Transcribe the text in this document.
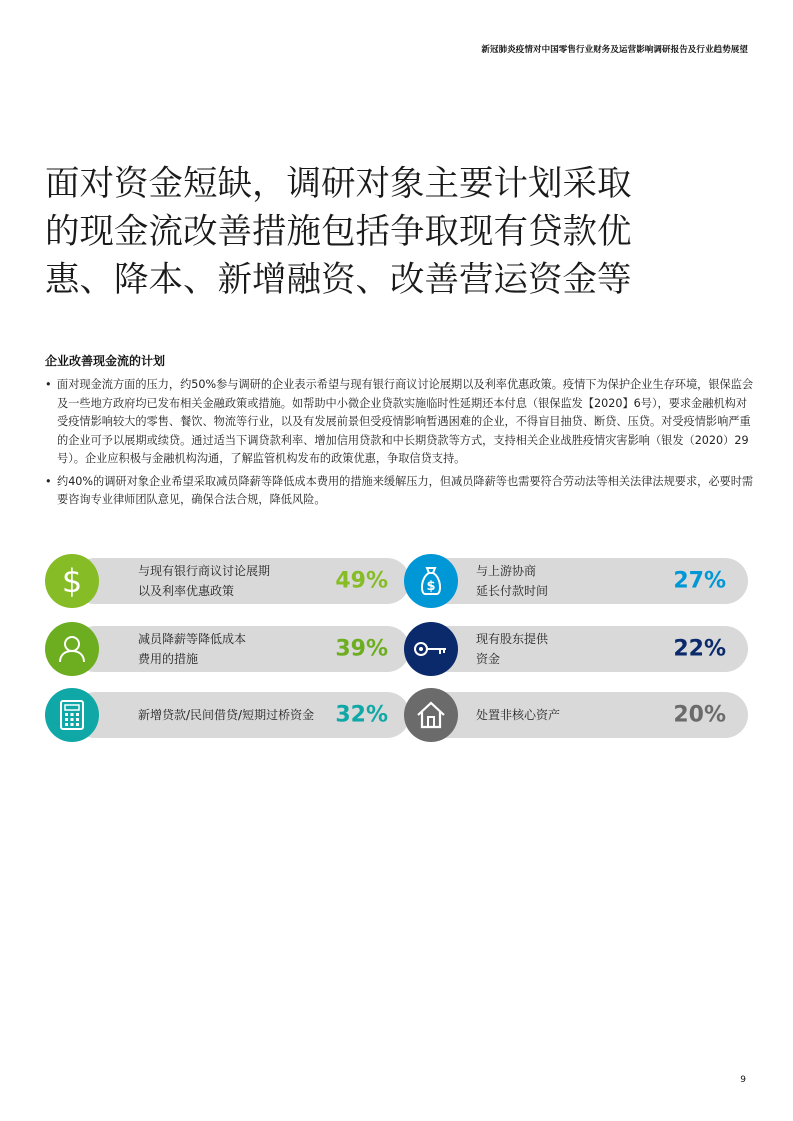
新冠肺炎疫情对中国零售行业财务及运营影响调研报告及行业趋势展望
面对资金短缺，调研对象主要计划采取
的现金流改善措施包括争取现有贷款优
惠、降本、新增融资、改善营运资金等
企业改善现金流的计划
• 面对现金流方面的压力，约50%参与调研的企业表示希望与现有银行商议讨论展期以及利率优惠政策。疫情下为保护企业生存环境，银保监会及一些地方政府均已发布相关金融政策或措施。如帮助中小微企业贷款实施临时性延期还本付息（银保监发【2020】6号），要求金融机构对受疫情影响较大的零售、餐饮、物流等行业，以及有发展前景但受疫情影响暂遇困难的企业，不得盲目抽贷、断贷、压贷。对受疫情影响严重的企业可予以展期或续贷。通过适当下调贷款利率、增加信用贷款和中长期贷款等方式，支持相关企业战胜疫情灾害影响（银发（2020）29号）。企业应积极与金融机构沟通，了解监管机构发布的政策优惠，争取信贷支持。
• 约40%的调研对象企业希望采取减员降薪等降低成本费用的措施来缓解压力，但减员降薪等也需要符合劳动法等相关法律法规要求，必要时需要咨询专业律师团队意见，确保合法合规，降低风险。
与现有银行商议讨论展期
以及利率优惠政策	49%
$	与上游协商
延长付款时间	27%
$
减员降薪等降低成本
费用的措施	39%	现有股东提供
资金	22%
新增贷款/民间借贷/短期过桥资金 32%	处置非核心资产	20%
9
